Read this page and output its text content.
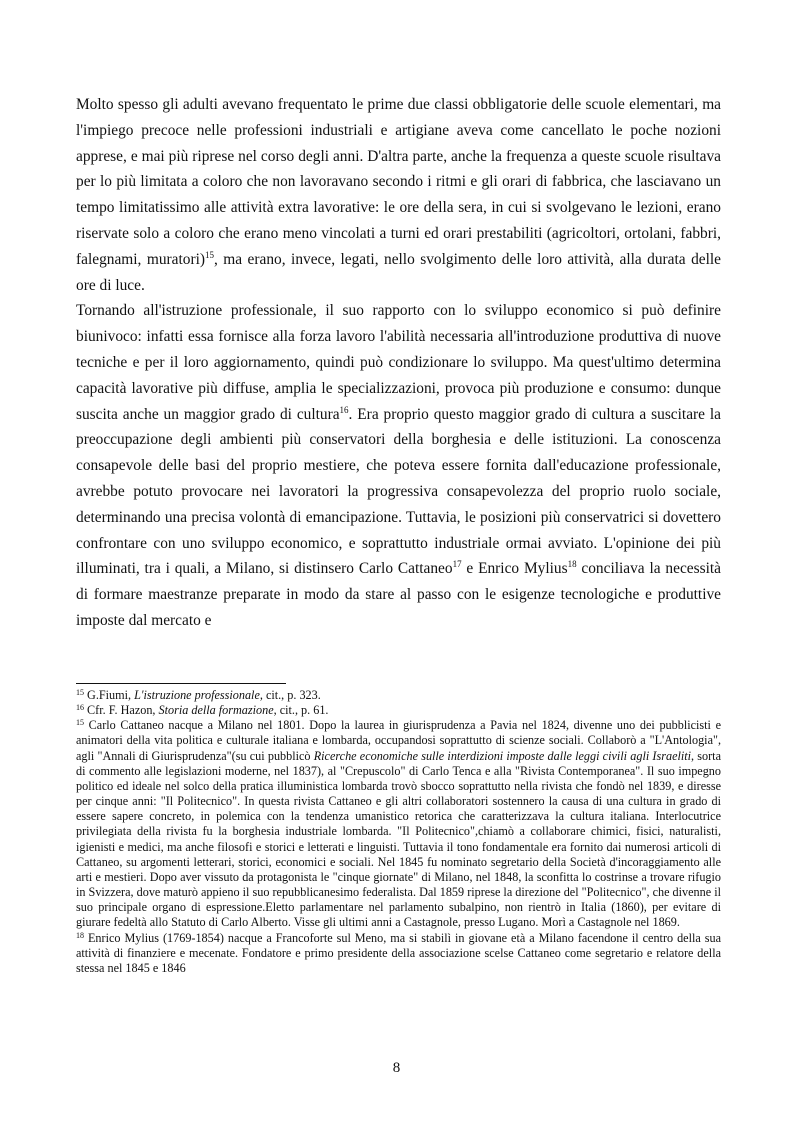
Molto spesso gli adulti avevano frequentato le prime due classi obbligatorie delle scuole elementari, ma l'impiego precoce nelle professioni industriali e artigiane aveva come cancellato le poche nozioni apprese, e mai più riprese nel corso degli anni. D'altra parte, anche la frequenza a queste scuole risultava per lo più limitata a coloro che non lavoravano secondo i ritmi e gli orari di fabbrica, che lasciavano un tempo limitatissimo alle attività extra lavorative: le ore della sera, in cui si svolgevano le lezioni, erano riservate solo a coloro che erano meno vincolati a turni ed orari prestabiliti (agricoltori, ortolani, fabbri, falegnami, muratori)$^{15}$, ma erano, invece, legati, nello svolgimento delle loro attività, alla durata delle ore di luce.

Tornando all'istruzione professionale, il suo rapporto con lo sviluppo economico si può definire biunivoco: infatti essa fornisce alla forza lavoro l'abilità necessaria all'introduzione produttiva di nuove tecniche e per il loro aggiornamento, quindi può condizionare lo sviluppo. Ma quest'ultimo determina capacità lavorative più diffuse, amplia le specializzazioni, provoca più produzione e consumo: dunque suscita anche un maggior grado di cultura$^{16}$. Era proprio questo maggior grado di cultura a suscitare la preoccupazione degli ambienti più conservatori della borghesia e delle istituzioni. La conoscenza consapevole delle basi del proprio mestiere, che poteva essere fornita dall'educazione professionale, avrebbe potuto provocare nei lavoratori la progressiva consapevolezza del proprio ruolo sociale, determinando una precisa volontà di emancipazione. Tuttavia, le posizioni più conservatrici si dovettero confrontare con uno sviluppo economico, e soprattutto industriale ormai avviato. L'opinione dei più illuminati, tra i quali, a Milano, si distinsero Carlo Cattaneo$^{17}$ e Enrico Mylius$^{18}$ conciliava la necessità di formare maestranze preparate in modo da stare al passo con le esigenze tecnologiche e produttive imposte dal mercato e

$^{15}$ G.Fiumi, L'istruzione professionale, cit., p. 323.

$^{16}$ Cfr. F. Hazon, Storia della formazione, cit., p. 61.

$^{15}$ Carlo Cattaneo nacque a Milano nel 1801. Dopo la laurea in giurisprudenza a Pavia nel 1824, divenne uno dei pubblicisti e animatori della vita politica e culturale italiana e lombarda, occupandosi soprattutto di scienze sociali. Collaborò a "L'Antologia", agli "Annali di Giurisprudenza"(su cui pubblicò Ricerche economiche sulle interdizioni imposte dalle leggi civili agli Israeliti, sorta di commento alle legislazioni moderne, nel 1837), al "Crepuscolo" di Carlo Tenca e alla "Rivista Contemporanea". Il suo impegno politico ed ideale nel solco della pratica illuministica lombarda trovò sbocco soprattutto nella rivista che fondò nel 1839, e diresse per cinque anni: "Il Politecnico". In questa rivista Cattaneo e gli altri collaboratori sostennero la causa di una cultura in grado di essere sapere concreto, in polemica con la tendenza umanistico retorica che caratterizzava la cultura italiana. Interlocutrice privilegiata della rivista fu la borghesia industriale lombarda. "Il Politecnico",chiamò a collaborare chimici, fisici, naturalisti, igienisti e medici, ma anche filosofi e storici e letterati e linguisti. Tuttavia il tono fondamentale era fornito dai numerosi articoli di Cattaneo, su argomenti letterari, storici, economici e sociali. Nel 1845 fu nominato segretario della Società d'incoraggiamento alle arti e mestieri. Dopo aver vissuto da protagonista le "cinque giornate" di Milano, nel 1848, la sconfitta lo costrinse a trovare rifugio in Svizzera, dove maturò appieno il suo repubblicanesimo federalista. Dal 1859 riprese la direzione del "Politecnico", che divenne il suo principale organo di espressione.Eletto parlamentare nel parlamento subalpino, non rientrò in Italia (1860), per evitare di giurare fedeltà allo Statuto di Carlo Alberto. Visse gli ultimi anni a Castagnole, presso Lugano. Morì a Castagnole nel 1869.

$^{18}$ Enrico Mylius (1769-1854) nacque a Francoforte sul Meno, ma si stabilì in giovane età a Milano facendone il centro della sua attività di finanziere e mecenate. Fondatore e primo presidente della associazione scelse Cattaneo come segretario e relatore della stessa nel 1845 e 1846

8
